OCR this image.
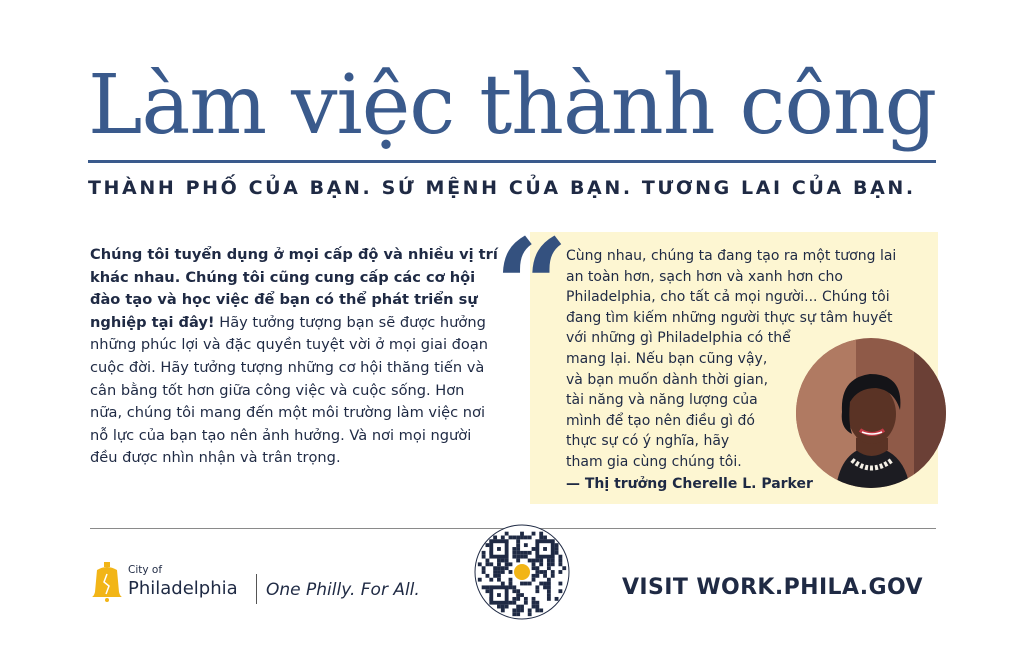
Làm việc thành công

THÀNH PHỐ CỦA BẠN. SỨ MỆNH CỦA BẠN. TƯƠNG LAI CỦA BẠN.

Chúng tôi tuyển dụng ở mọi cấp độ và nhiều vị trí khác nhau. Chúng tôi cũng cung cấp các cơ hội đào tạo và học việc để bạn có thể phát triển sự nghiệp tại đây! Hãy tưởng tượng bạn sẽ được hưởng những phúc lợi và đặc quyền tuyệt vời ở mọi giai đoạn cuộc đời. Hãy tưởng tượng những cơ hội thăng tiến và cân bằng tốt hơn giữa công việc và cuộc sống. Hơn nữa, chúng tôi mang đến một môi trường làm việc nơi nỗ lực của bạn tạo nên ảnh hưởng. Và nơi mọi người đều được nhìn nhận và trân trọng.

“
Cùng nhau, chúng ta đang tạo ra một tương lai
an toàn hơn, sạch hơn và xanh hơn cho
Philadelphia, cho tất cả mọi người... Chúng tôi
đang tìm kiếm những người thực sự tâm huyết
với những gì Philadelphia có thể
mang lại. Nếu bạn cũng vậy,
và bạn muốn dành thời gian,
tài năng và năng lượng của
mình để tạo nên điều gì đó
thực sự có ý nghĩa, hãy
tham gia cùng chúng tôi.

— Thị trưởng Cherelle L. Parker

City of
Philadelphia One Philly. For All.	VISIT WORK.PHILA.GOV
